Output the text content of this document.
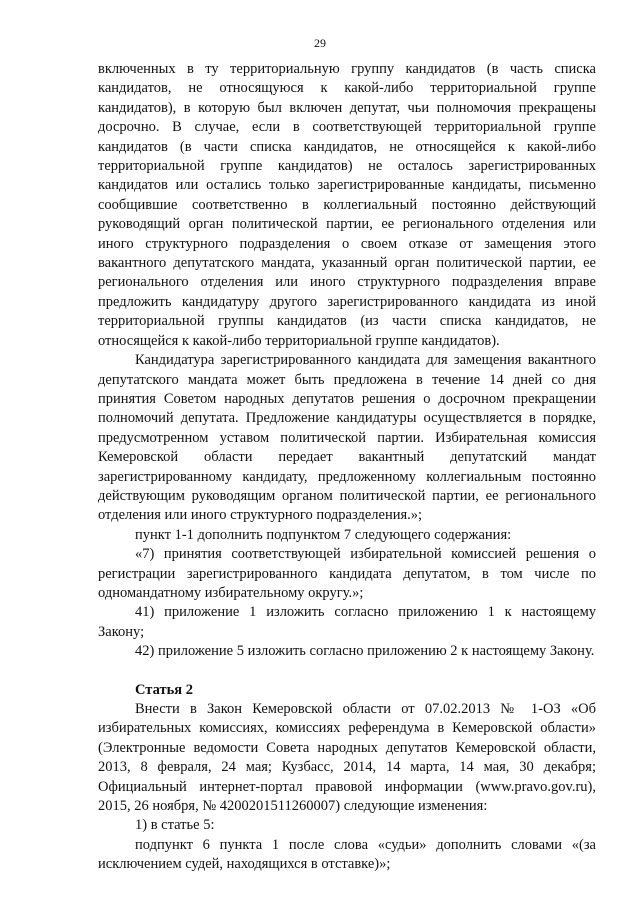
29

включенных в ту территориальную группу кандидатов (в часть списка кандидатов, не относящуюся к какой-либо территориальной группе кандидатов), в которую был включен депутат, чьи полномочия прекращены досрочно. В случае, если в соответствующей территориальной группе кандидатов (в части списка кандидатов, не относящейся к какой-либо территориальной группе кандидатов) не осталось зарегистрированных кандидатов или остались только зарегистрированные кандидаты, письменно сообщившие соответственно в коллегиальный постоянно действующий руководящий орган политической партии, ее регионального отделения или иного структурного подразделения о своем отказе от замещения этого вакантного депутатского мандата, указанный орган политической партии, ее регионального отделения или иного структурного подразделения вправе предложить кандидатуру другого зарегистрированного кандидата из иной территориальной группы кандидатов (из части списка кандидатов, не относящейся к какой-либо территориальной группе кандидатов).

Кандидатура зарегистрированного кандидата для замещения вакантного депутатского мандата может быть предложена в течение 14 дней со дня принятия Советом народных депутатов решения о досрочном прекращении полномочий депутата. Предложение кандидатуры осуществляется в порядке, предусмотренном уставом политической партии. Избирательная комиссия Кемеровской области передает вакантный депутатский мандат зарегистрированному кандидату, предложенному коллегиальным постоянно действующим руководящим органом политической партии, ее регионального отделения или иного структурного подразделения.»;

пункт 1-1 дополнить подпунктом 7 следующего содержания:

«7) принятия соответствующей избирательной комиссией решения о регистрации зарегистрированного кандидата депутатом, в том числе по одномандатному избирательному округу.»;

41) приложение 1 изложить согласно приложению 1 к настоящему Закону;

42) приложение 5 изложить согласно приложению 2 к настоящему Закону.

Статья 2

Внести в Закон Кемеровской области от 07.02.2013 № 1-ОЗ «Об избирательных комиссиях, комиссиях референдума в Кемеровской области» (Электронные ведомости Совета народных депутатов Кемеровской области, 2013, 8 февраля, 24 мая; Кузбасс, 2014, 14 марта, 14 мая, 30 декабря; Официальный интернет-портал правовой информации (www.pravo.gov.ru), 2015, 26 ноября, № 4200201511260007) следующие изменения:

1) в статье 5:

подпункт 6 пункта 1 после слова «судьи» дополнить словами «(за исключением судей, находящихся в отставке)»;
